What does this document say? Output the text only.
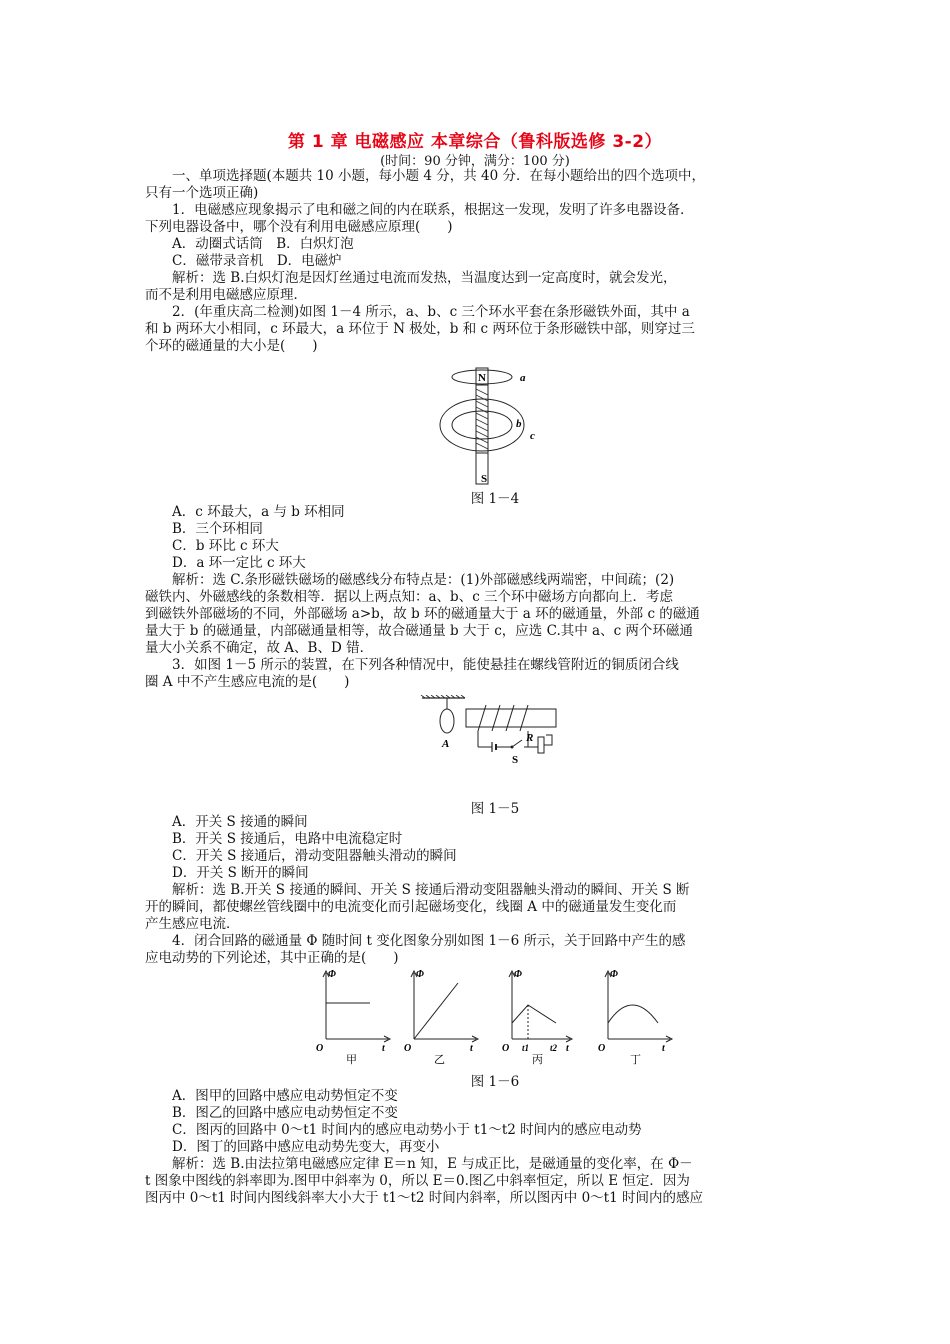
第 1 章 电磁感应 本章综合（鲁科版选修 3-2）
(时间：90 分钟，满分：100 分)
一、单项选择题(本题共 10 小题，每小题 4 分，共 40 分．在每小题给出的四个选项中，
只有一个选项正确)
1．电磁感应现象揭示了电和磁之间的内在联系，根据这一发现，发明了许多电器设备．
下列电器设备中，哪个没有利用电磁感应原理(　　)
A．动圈式话筒　B．白炽灯泡
C．磁带录音机　D．电磁炉
解析：选 B.白炽灯泡是因灯丝通过电流而发热，当温度达到一定高度时，就会发光，
而不是利用电磁感应原理．
2．(年重庆高二检测)如图 1－4 所示，a、b、c 三个环水平套在条形磁铁外面，其中 a
和 b 两环大小相同，c 环最大，a 环位于 N 极处，b 和 c 两环位于条形磁铁中部，则穿过三
个环的磁通量的大小是(　　)
N	a
b
c
S
图 1－4
A．c 环最大，a 与 b 环相同
B．三个环相同
C．b 环比 c 环大
D．a 环一定比 c 环大
解析：选 C.条形磁铁磁场的磁感线分布特点是：(1)外部磁感线两端密，中间疏；(2)
磁铁内、外磁感线的条数相等．据以上两点知：a、b、c 三个环中磁场方向都向上．考虑
到磁铁外部磁场的不同，外部磁场 a>b，故 b 环的磁通量大于 a 环的磁通量，外部 c 的磁通
量大于 b 的磁通量，内部磁通量相等，故合磁通量 b 大于 c，应选 C.其中 a、c 两个环磁通
量大小关系不确定，故 A、B、D 错．
3．如图 1－5 所示的装置，在下列各种情况中，能使悬挂在螺线管附近的铜质闭合线
圈 A 中不产生感应电流的是(　　)
A	R
S
图 1－5
A．开关 S 接通的瞬间
B．开关 S 接通后，电路中电流稳定时
C．开关 S 接通后，滑动变阻器触头滑动的瞬间
D．开关 S 断开的瞬间
解析：选 B.开关 S 接通的瞬间、开关 S 接通后滑动变阻器触头滑动的瞬间、开关 S 断
开的瞬间，都使螺丝管线圈中的电流变化而引起磁场变化，线圈 A 中的磁通量发生变化而
产生感应电流．
4．闭合回路的磁通量 Φ 随时间 t 变化图象分别如图 1－6 所示，关于回路中产生的感
应电动势的下列论述，其中正确的是(　　)
Φ
O	t
甲
Φ
O	t
乙
Φ
O t1 t2 t
丙
Φ
O	t
丁
图 1－6
A．图甲的回路中感应电动势恒定不变
B．图乙的回路中感应电动势恒定不变
C．图丙的回路中 0～t1 时间内的感应电动势小于 t1～t2 时间内的感应电动势
D．图丁的回路中感应电动势先变大，再变小
解析：选 B.由法拉第电磁感应定律 E＝n 知，E 与成正比，是磁通量的变化率，在 Φ－
t 图象中图线的斜率即为.图甲中斜率为 0，所以 E＝0.图乙中斜率恒定，所以 E 恒定．因为
图丙中 0～t1 时间内图线斜率大小大于 t1～t2 时间内斜率，所以图丙中 0～t1 时间内的感应
